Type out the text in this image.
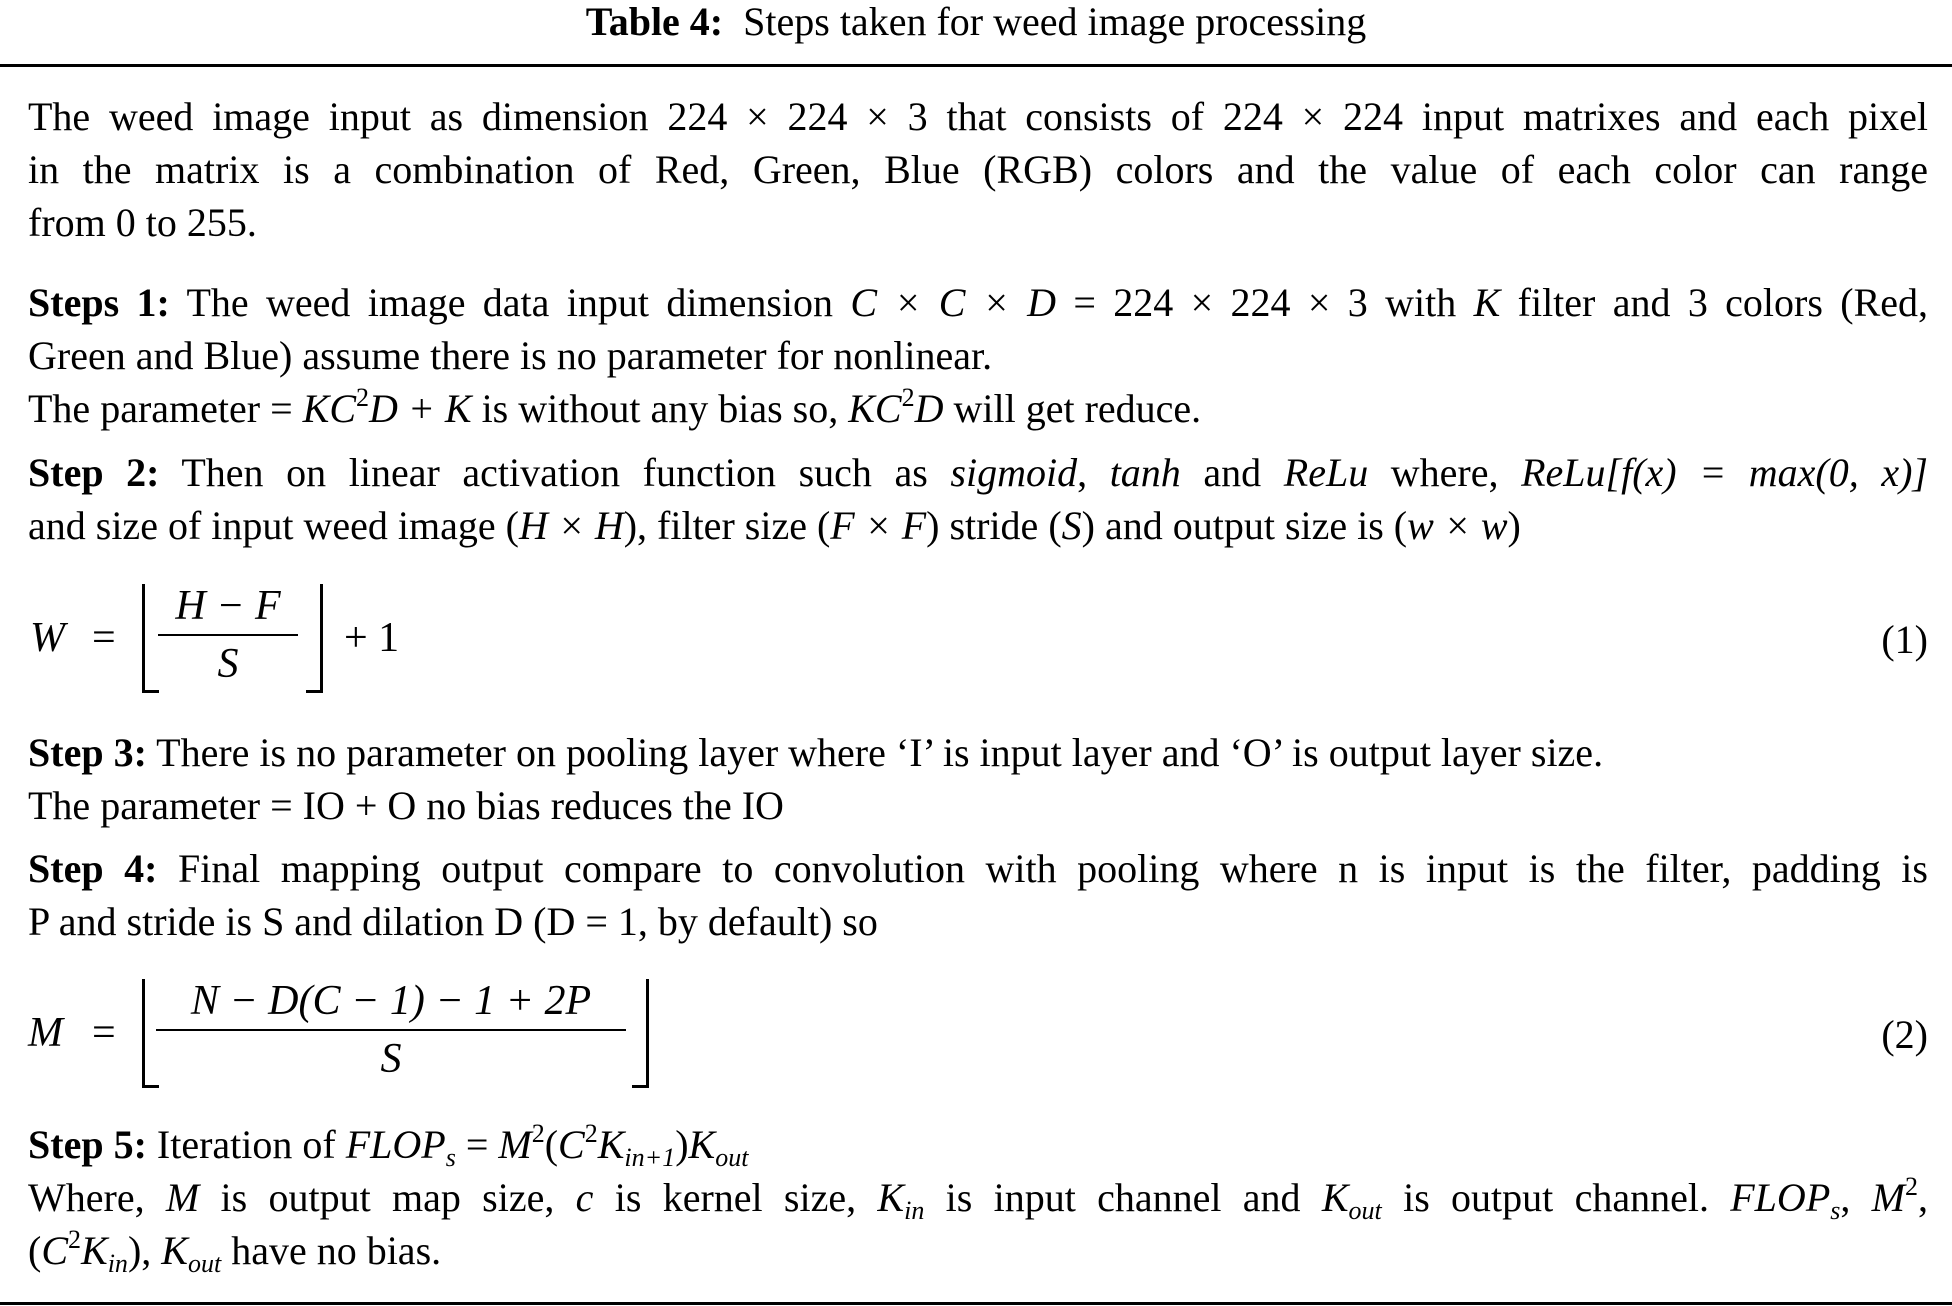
Table 4: Steps taken for weed image processing
The weed image input as dimension 224 × 224 × 3 that consists of 224 × 224 input matrixes and each pixel
in the matrix is a combination of Red, Green, Blue (RGB) colors and the value of each color can range
from 0 to 255.
Steps 1: The weed image data input dimension C × C × D = 224 × 224 × 3 with K filter and 3 colors (Red,
Green and Blue) assume there is no parameter for nonlinear.
The parameter = $KC^2D + K$ is without any bias so, $KC^2D$ will get reduce.
Step 2: Then on linear activation function such as sigmoid, tanh and ReLu where, ReLu[f(x) = max(0, x)]
and size of input weed image (H × H), filter size (F × F) stride (S) and output size is (w × w)
W =
H − F
S
+ 1	(1)
Step 3: There is no parameter on pooling layer where ‘I’ is input layer and ‘O’ is output layer size.
The parameter = IO + O no bias reduces the IO
Step 4: Final mapping output compare to convolution with pooling where n is input is the filter, padding is
P and stride is S and dilation D (D = 1, by default) so
M =
N − D(C − 1) − 1 + 2P
S
(2)
Step 5: Iteration of $FLOP_s = M^2(C^2K_{in+1})K_{out}$
Where, M is output map size, c is kernel size, $K_{in}$ is input channel and $K_{out}$ is output channel. $FLOP_s$, $M^2$,
$(C^2K_{in})$, $K_{out}$ have no bias.
